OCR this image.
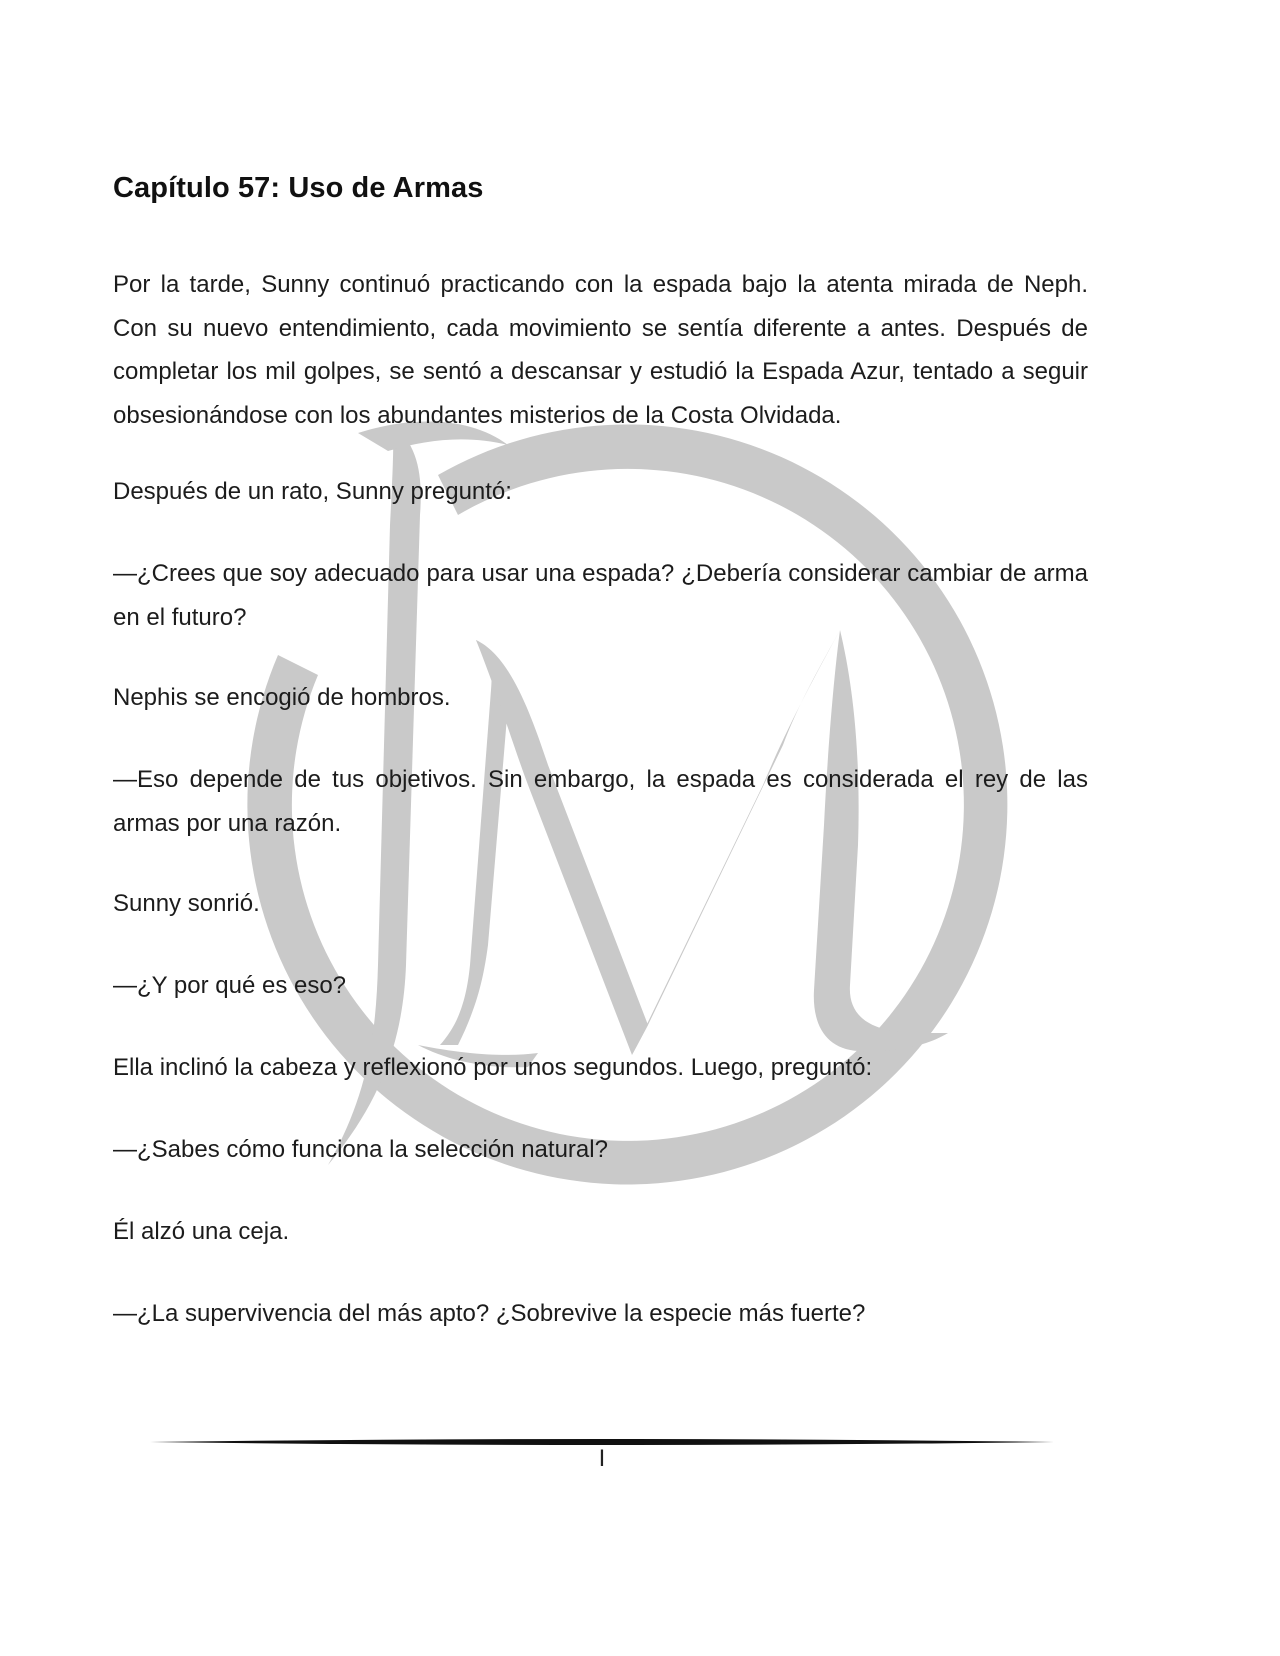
Capítulo 57: Uso de Armas

Por la tarde, Sunny continuó practicando con la espada bajo la atenta mirada de Neph. Con su nuevo entendimiento, cada movimiento se sentía diferente a antes. Después de completar los mil golpes, se sentó a descansar y estudió la Espada Azur, tentado a seguir obsesionándose con los abundantes misterios de la Costa Olvidada.

Después de un rato, Sunny preguntó:

—¿Crees que soy adecuado para usar una espada? ¿Debería considerar cambiar de arma en el futuro?

Nephis se encogió de hombros.

—Eso depende de tus objetivos. Sin embargo, la espada es considerada el rey de las armas por una razón.

Sunny sonrió.

—¿Y por qué es eso?

Ella inclinó la cabeza y reflexionó por unos segundos. Luego, preguntó:

—¿Sabes cómo funciona la selección natural?

Él alzó una ceja.

—¿La supervivencia del más apto? ¿Sobrevive la especie más fuerte?

I
